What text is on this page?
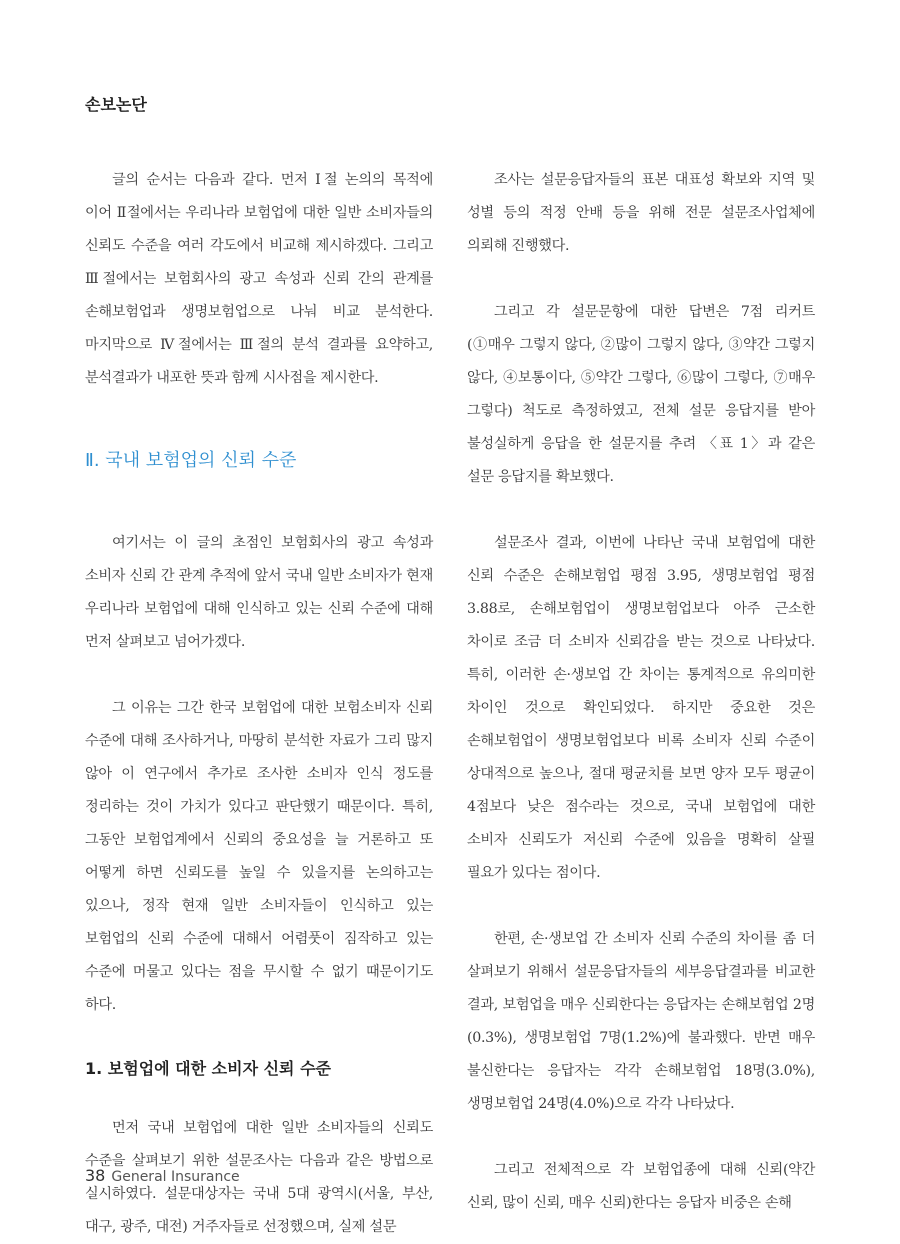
손보논단

글의 순서는 다음과 같다. 먼저 Ⅰ절 논의의 목적에 이어 Ⅱ절에서는 우리나라 보험업에 대한 일반 소비자들의 신뢰도 수준을 여러 각도에서 비교해 제시하겠다. 그리고 Ⅲ절에서는 보험회사의 광고 속성과 신뢰 간의 관계를 손해보험업과 생명보험업으로 나눠 비교 분석한다. 마지막으로 Ⅳ절에서는 Ⅲ절의 분석 결과를 요약하고, 분석결과가 내포한 뜻과 함께 시사점을 제시한다.

Ⅱ. 국내 보험업의 신뢰 수준

여기서는 이 글의 초점인 보험회사의 광고 속성과 소비자 신뢰 간 관계 추적에 앞서 국내 일반 소비자가 현재 우리나라 보험업에 대해 인식하고 있는 신뢰 수준에 대해 먼저 살펴보고 넘어가겠다.

그 이유는 그간 한국 보험업에 대한 보험소비자 신뢰 수준에 대해 조사하거나, 마땅히 분석한 자료가 그리 많지 않아 이 연구에서 추가로 조사한 소비자 인식 정도를 정리하는 것이 가치가 있다고 판단했기 때문이다. 특히, 그동안 보험업계에서 신뢰의 중요성을 늘 거론하고 또 어떻게 하면 신뢰도를 높일 수 있을지를 논의하고는 있으나, 정작 현재 일반 소비자들이 인식하고 있는 보험업의 신뢰 수준에 대해서 어렴풋이 짐작하고 있는 수준에 머물고 있다는 점을 무시할 수 없기 때문이기도 하다.

1. 보험업에 대한 소비자 신뢰 수준

먼저 국내 보험업에 대한 일반 소비자들의 신뢰도 수준을 살펴보기 위한 설문조사는 다음과 같은 방법으로 실시하였다. 설문대상자는 국내 5대 광역시(서울, 부산, 대구, 광주, 대전) 거주자들로 선정했으며, 실제 설문

조사는 설문응답자들의 표본 대표성 확보와 지역 및 성별 등의 적정 안배 등을 위해 전문 설문조사업체에 의뢰해 진행했다.

그리고 각 설문문항에 대한 답변은 7점 리커트(①매우 그렇지 않다, ②많이 그렇지 않다, ③약간 그렇지 않다, ④보통이다, ⑤약간 그렇다, ⑥많이 그렇다, ⑦매우 그렇다) 척도로 측정하였고, 전체 설문 응답지를 받아 불성실하게 응답을 한 설문지를 추려 〈표 1〉과 같은 설문 응답지를 확보했다.

설문조사 결과, 이번에 나타난 국내 보험업에 대한 신뢰 수준은 손해보험업 평점 3.95, 생명보험업 평점 3.88로, 손해보험업이 생명보험업보다 아주 근소한 차이로 조금 더 소비자 신뢰감을 받는 것으로 나타났다. 특히, 이러한 손·생보업 간 차이는 통계적으로 유의미한 차이인 것으로 확인되었다. 하지만 중요한 것은 손해보험업이 생명보험업보다 비록 소비자 신뢰 수준이 상대적으로 높으나, 절대 평균치를 보면 양자 모두 평균이 4점보다 낮은 점수라는 것으로, 국내 보험업에 대한 소비자 신뢰도가 저신뢰 수준에 있음을 명확히 살필 필요가 있다는 점이다.

한편, 손·생보업 간 소비자 신뢰 수준의 차이를 좀 더 살펴보기 위해서 설문응답자들의 세부응답결과를 비교한 결과, 보험업을 매우 신뢰한다는 응답자는 손해보험업 2명(0.3%), 생명보험업 7명(1.2%)에 불과했다. 반면 매우 불신한다는 응답자는 각각 손해보험업 18명(3.0%), 생명보험업 24명(4.0%)으로 각각 나타났다.

그리고 전체적으로 각 보험업종에 대해 신뢰(약간 신뢰, 많이 신뢰, 매우 신뢰)한다는 응답자 비중은 손해

38 General Insurance
